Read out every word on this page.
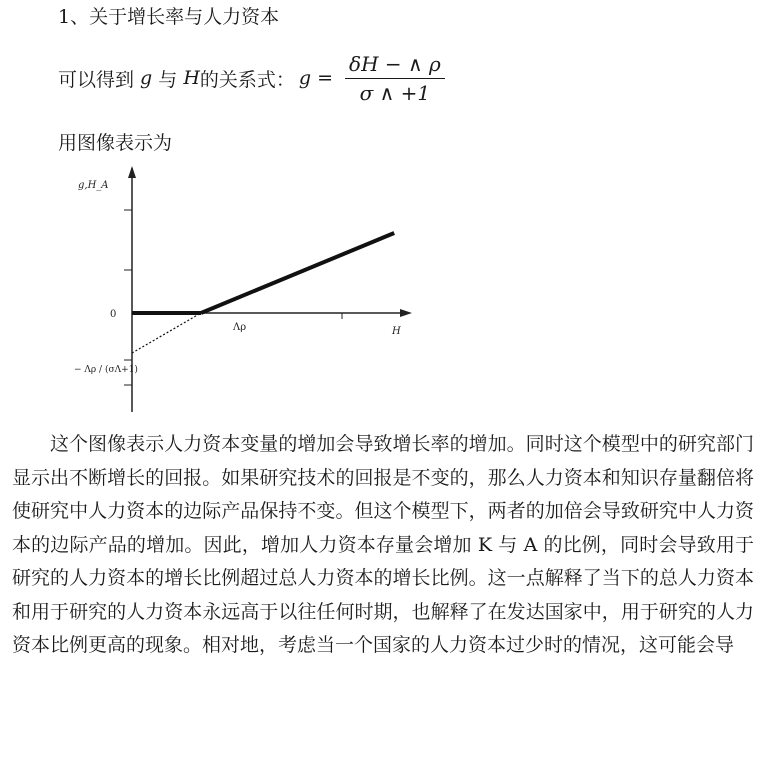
1、关于增长率与人力资本
可以得到 g 与 H 的关系式： $g = \frac{\delta H - \wedge \rho}{\sigma \wedge +1}$
用图像表示为
g,H_A
H
0
Λρ
− Λρ / (σΛ+1)

这个图像表示人力资本变量的增加会导致增长率的增加。同时这个模型中的研究部门显示出不断增长的回报。如果研究技术的回报是不变的，那么人力资本和知识存量翻倍将使研究中人力资本的边际产品保持不变。但这个模型下，两者的加倍会导致研究中人力资本的边际产品的增加。因此，增加人力资本存量会增加 K 与 A 的比例，同时会导致用于研究的人力资本的增长比例超过总人力资本的增长比例。这一点解释了当下的总人力资本和用于研究的人力资本永远高于以往任何时期，也解释了在发达国家中，用于研究的人力资本比例更高的现象。相对地，考虑当一个国家的人力资本过少时的情况，这可能会导
